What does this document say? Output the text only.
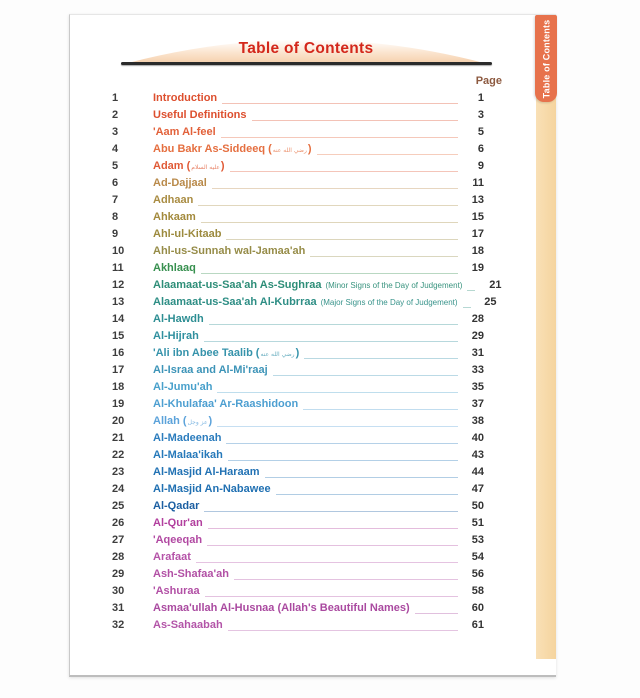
Table of Contents
Table of Contents
Page
1	Introduction	1
2	Useful Definitions	3
3	'Aam Al-feel	5
4	Abu Bakr As-Siddeeq (رضي الله عنه)	6
5	Adam (عليه السلام)	9
6	Ad-Dajjaal	11
7	Adhaan	13
8	Ahkaam	15
9	Ahl-ul-Kitaab	17
10	Ahl-us-Sunnah wal-Jamaa'ah	18
11	Akhlaaq	19
12	Alaamaat-us-Saa'ah As-Sughraa (Minor Signs of the Day of Judgement)	21
13	Alaamaat-us-Saa'ah Al-Kubrraa (Major Signs of the Day of Judgement)	25
14	Al-Hawdh	28
15	Al-Hijrah	29
16	'Ali ibn Abee Taalib (رضي الله عنه)	31
17	Al-Israa and Al-Mi'raaj	33
18	Al-Jumu'ah	35
19	Al-Khulafaa' Ar-Raashidoon	37
20	Allah (عز وجل)	38
21	Al-Madeenah	40
22	Al-Malaa'ikah	43
23	Al-Masjid Al-Haraam	44
24	Al-Masjid An-Nabawee	47
25	Al-Qadar	50
26	Al-Qur'an	51
27	'Aqeeqah	53
28	Arafaat	54
29	Ash-Shafaa'ah	56
30	'Ashuraa	58
31	Asmaa'ullah Al-Husnaa (Allah's Beautiful Names)	60
32	As-Sahaabah	61
